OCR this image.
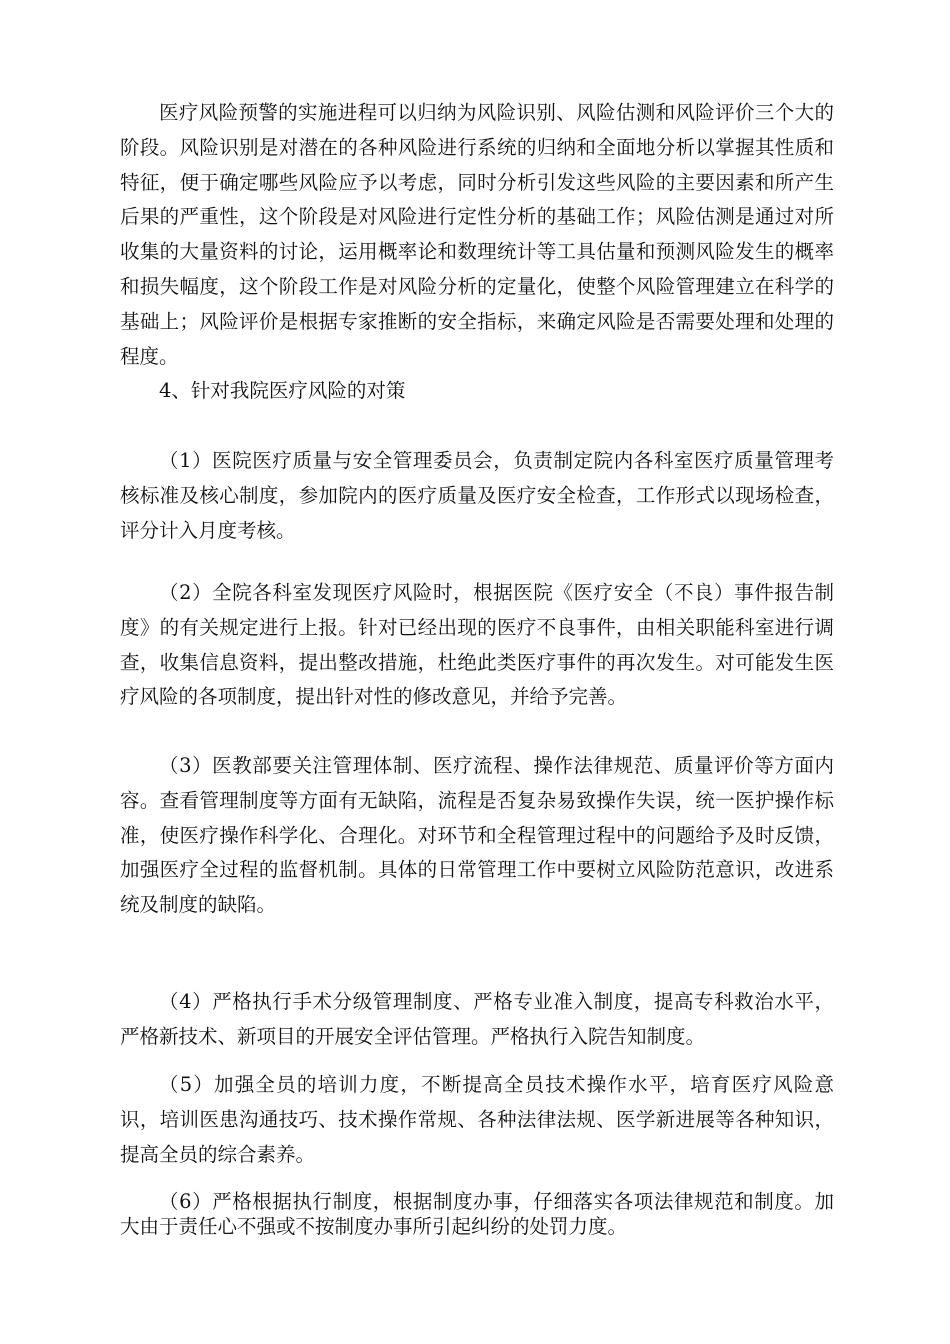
医疗风险预警的实施进程可以归纳为风险识别、风险估测和风险评价三个大的阶段。风险识别是对潜在的各种风险进行系统的归纳和全面地分析以掌握其性质和特征，便于确定哪些风险应予以考虑，同时分析引发这些风险的主要因素和所产生后果的严重性，这个阶段是对风险进行定性分析的基础工作；风险估测是通过对所收集的大量资料的讨论，运用概率论和数理统计等工具估量和预测风险发生的概率和损失幅度，这个阶段工作是对风险分析的定量化，使整个风险管理建立在科学的基础上；风险评价是根据专家推断的安全指标，来确定风险是否需要处理和处理的程度。

4、针对我院医疗风险的对策

（1）医院医疗质量与安全管理委员会，负责制定院内各科室医疗质量管理考核标准及核心制度，参加院内的医疗质量及医疗安全检查，工作形式以现场检查，评分计入月度考核。

（2）全院各科室发现医疗风险时，根据医院《医疗安全（不良）事件报告制度》的有关规定进行上报。针对已经出现的医疗不良事件，由相关职能科室进行调查，收集信息资料，提出整改措施，杜绝此类医疗事件的再次发生。对可能发生医疗风险的各项制度，提出针对性的修改意见，并给予完善。

（3）医教部要关注管理体制、医疗流程、操作法律规范、质量评价等方面内容。查看管理制度等方面有无缺陷，流程是否复杂易致操作失误，统一医护操作标准，使医疗操作科学化、合理化。对环节和全程管理过程中的问题给予及时反馈，加强医疗全过程的监督机制。具体的日常管理工作中要树立风险防范意识，改进系统及制度的缺陷。

（4）严格执行手术分级管理制度、严格专业准入制度，提高专科救治水平，严格新技术、新项目的开展安全评估管理。严格执行入院告知制度。

（5）加强全员的培训力度，不断提高全员技术操作水平，培育医疗风险意识，培训医患沟通技巧、技术操作常规、各种法律法规、医学新进展等各种知识，提高全员的综合素养。

（6）严格根据执行制度，根据制度办事，仔细落实各项法律规范和制度。加大由于责任心不强或不按制度办事所引起纠纷的处罚力度。
